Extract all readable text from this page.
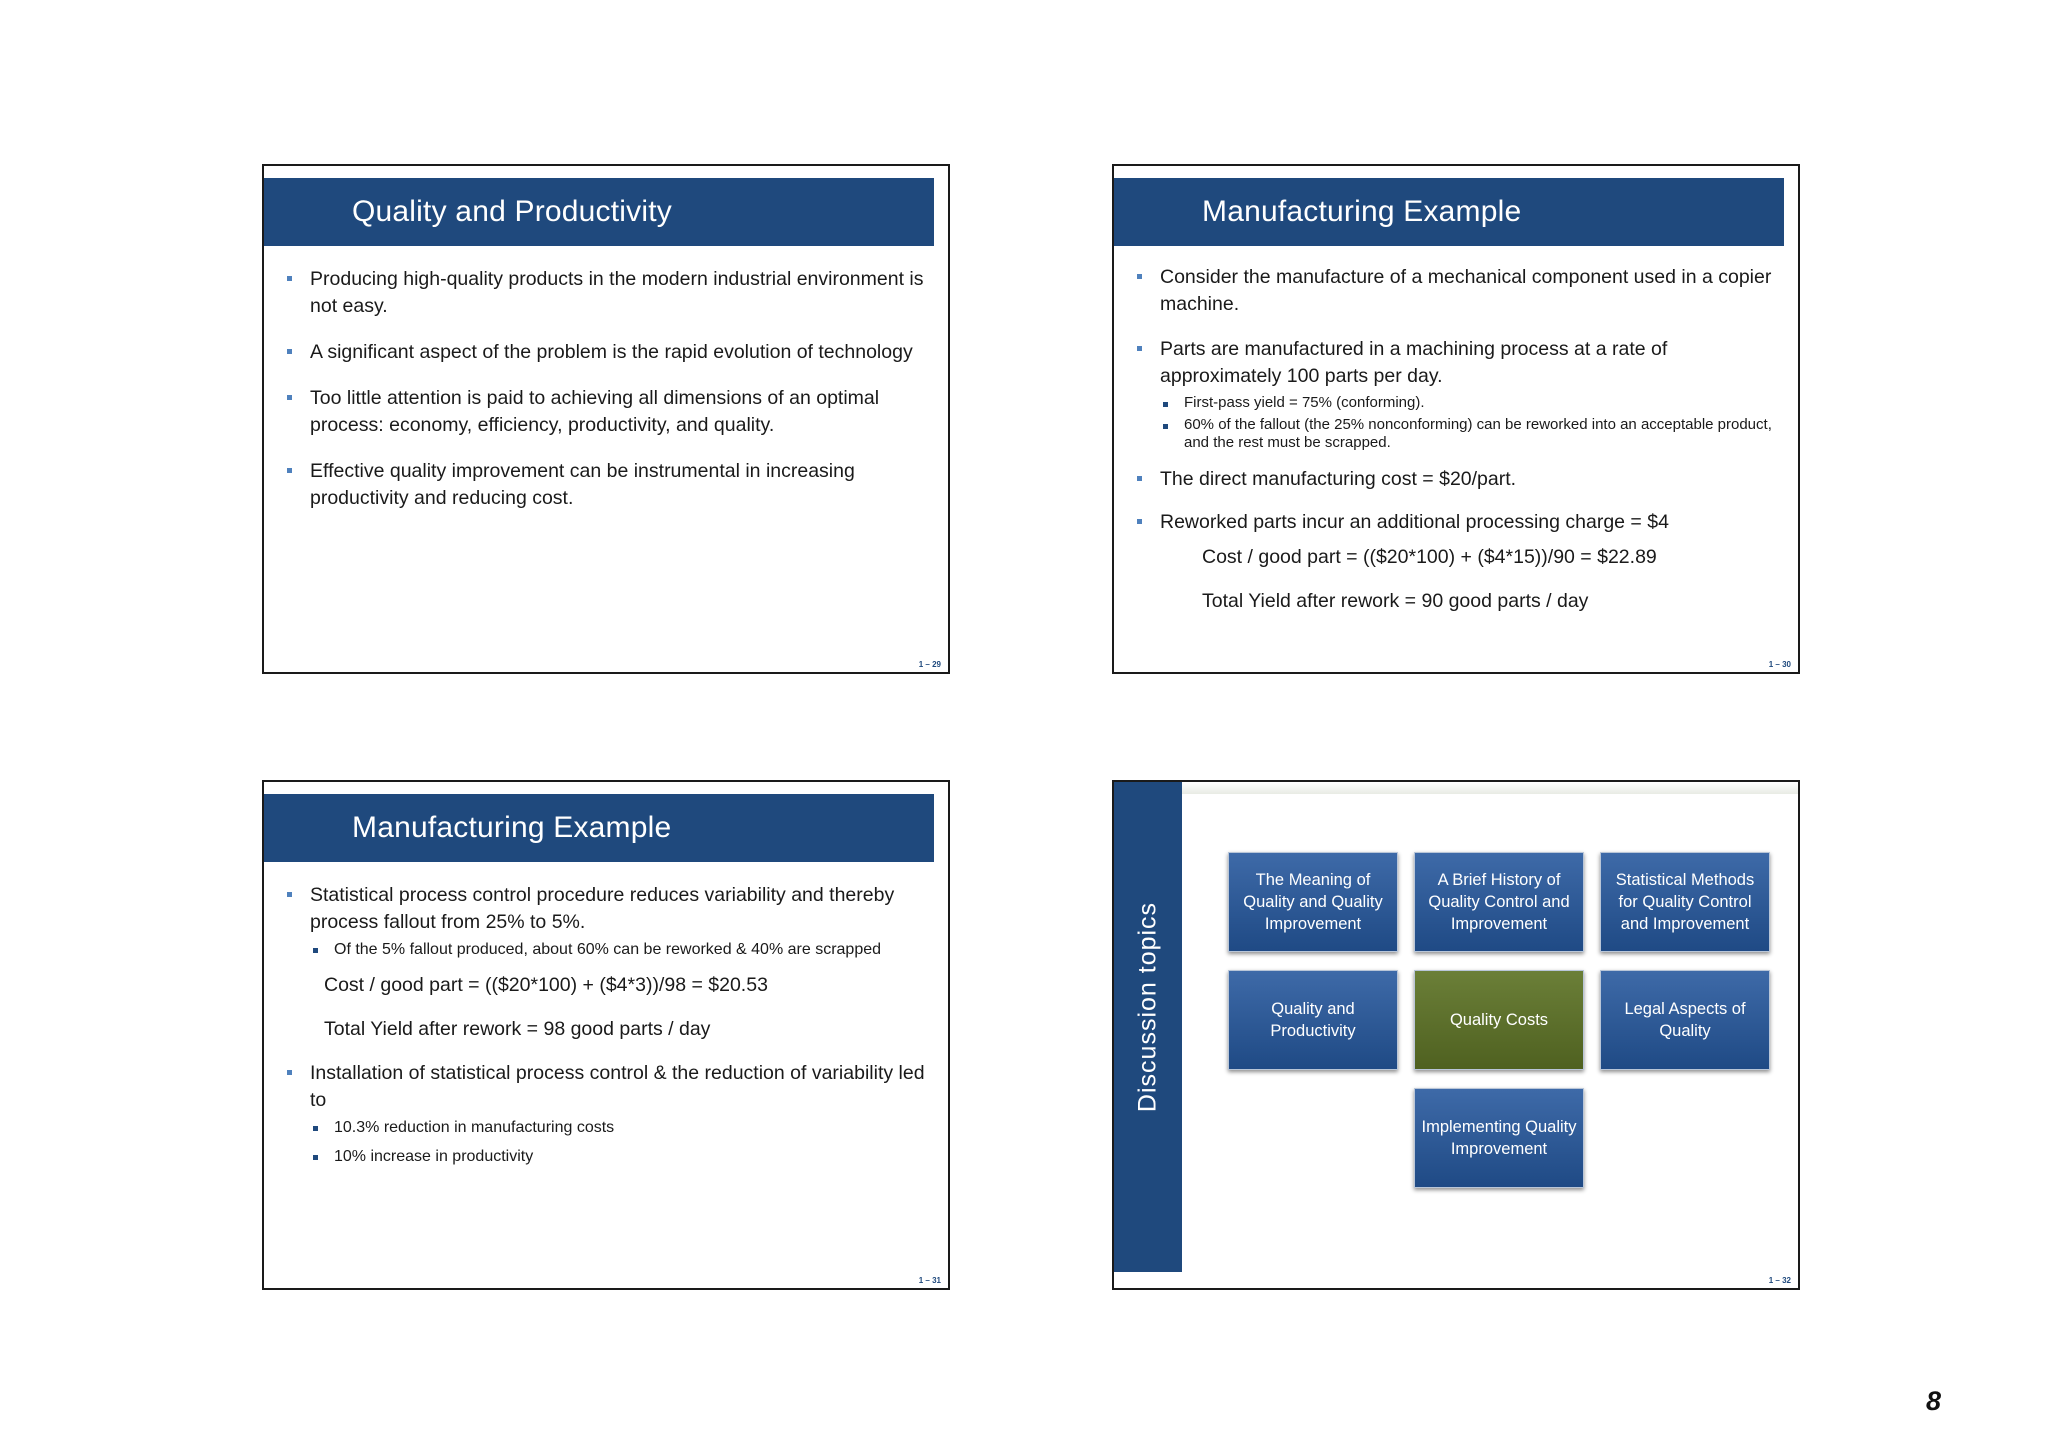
Quality and Productivity
Producing high-quality products in the modern industrial environment is not easy.
A significant aspect of the problem is the rapid evolution of technology
Too little attention is paid to achieving all dimensions of an optimal process: economy, efficiency, productivity, and quality.
Effective quality improvement can be instrumental in increasing productivity and reducing cost.
1 – 29
Manufacturing Example
Consider the manufacture of a mechanical component used in a copier machine.
Parts are manufactured in a machining process at a rate of approximately 100 parts per day.
First-pass yield = 75% (conforming).
60% of the fallout (the 25% nonconforming) can be reworked into an acceptable product, and the rest must be scrapped.
The direct manufacturing cost = $20/part.
Reworked parts incur an additional processing charge = $4
Cost / good part = (($20*100) + ($4*15))/90 = $22.89
Total Yield after rework = 90 good parts / day
1 – 30
Manufacturing Example
Statistical process control procedure reduces variability and thereby process fallout from 25% to 5%.
Of the 5% fallout produced, about 60% can be reworked & 40% are scrapped
Cost / good part = (($20*100) + ($4*3))/98 = $20.53
Total Yield after rework = 98 good parts / day
Installation of statistical process control & the reduction of variability led to
10.3% reduction in manufacturing costs
10% increase in productivity
1 – 31
Discussion topics
The Meaning of Quality and Quality Improvement
A Brief History of Quality Control and Improvement
Statistical Methods for Quality Control and Improvement
Quality and Productivity
Quality Costs
Legal Aspects of Quality
Implementing Quality Improvement
1 – 32
8
